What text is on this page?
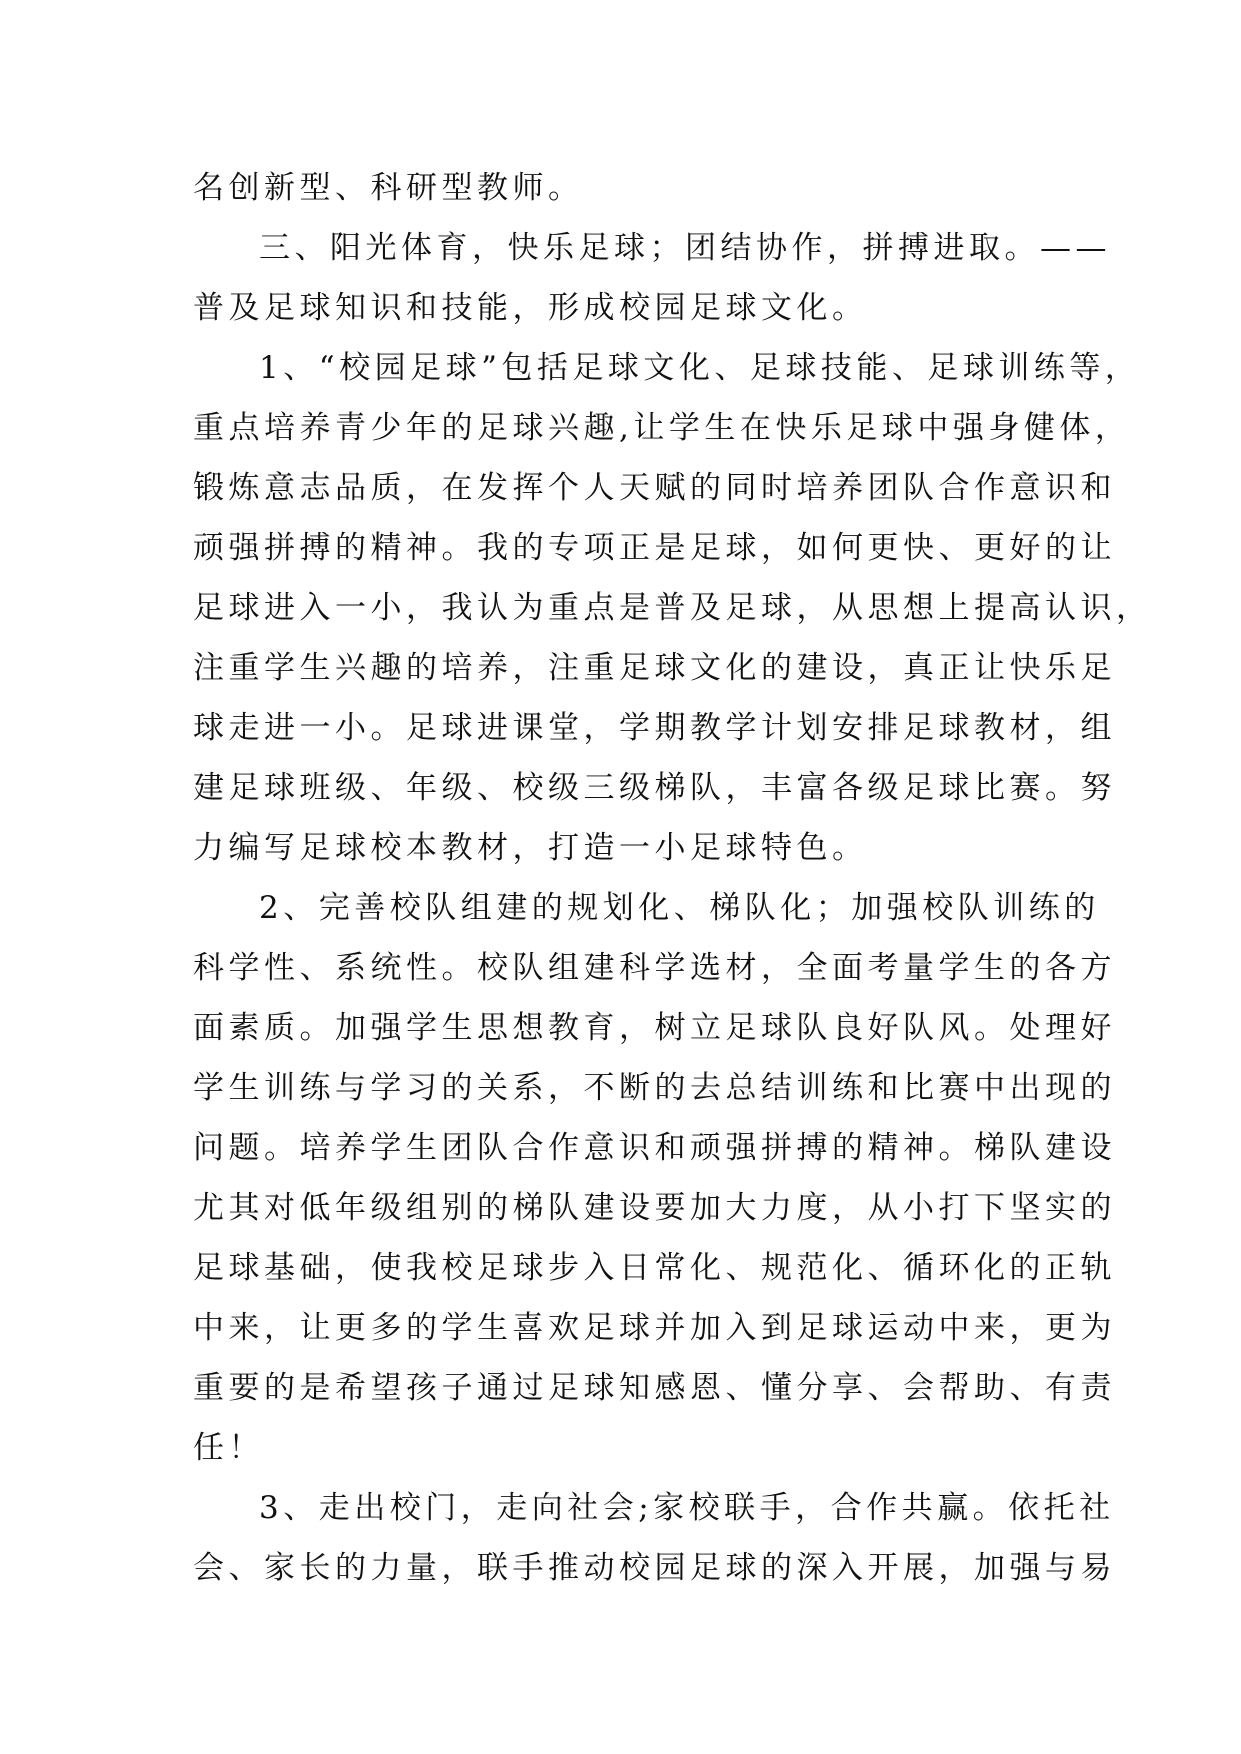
名创新型、科研型教师。
三、阳光体育，快乐足球；团结协作，拼搏进取。——
普及足球知识和技能，形成校园足球文化。
1、“校园足球”包括足球文化、足球技能、足球训练等，
重点培养青少年的足球兴趣,让学生在快乐足球中强身健体，
锻炼意志品质，在发挥个人天赋的同时培养团队合作意识和
顽强拼搏的精神。我的专项正是足球，如何更快、更好的让
足球进入一小，我认为重点是普及足球，从思想上提高认识，
注重学生兴趣的培养，注重足球文化的建设，真正让快乐足
球走进一小。足球进课堂，学期教学计划安排足球教材，组
建足球班级、年级、校级三级梯队，丰富各级足球比赛。努
力编写足球校本教材，打造一小足球特色。
2、完善校队组建的规划化、梯队化；加强校队训练的
科学性、系统性。校队组建科学选材，全面考量学生的各方
面素质。加强学生思想教育，树立足球队良好队风。处理好
学生训练与学习的关系，不断的去总结训练和比赛中出现的
问题。培养学生团队合作意识和顽强拼搏的精神。梯队建设
尤其对低年级组别的梯队建设要加大力度，从小打下坚实的
足球基础，使我校足球步入日常化、规范化、循环化的正轨
中来，让更多的学生喜欢足球并加入到足球运动中来，更为
重要的是希望孩子通过足球知感恩、懂分享、会帮助、有责
任！
3、走出校门，走向社会;家校联手，合作共赢。依托社
会、家长的力量，联手推动校园足球的深入开展，加强与易
